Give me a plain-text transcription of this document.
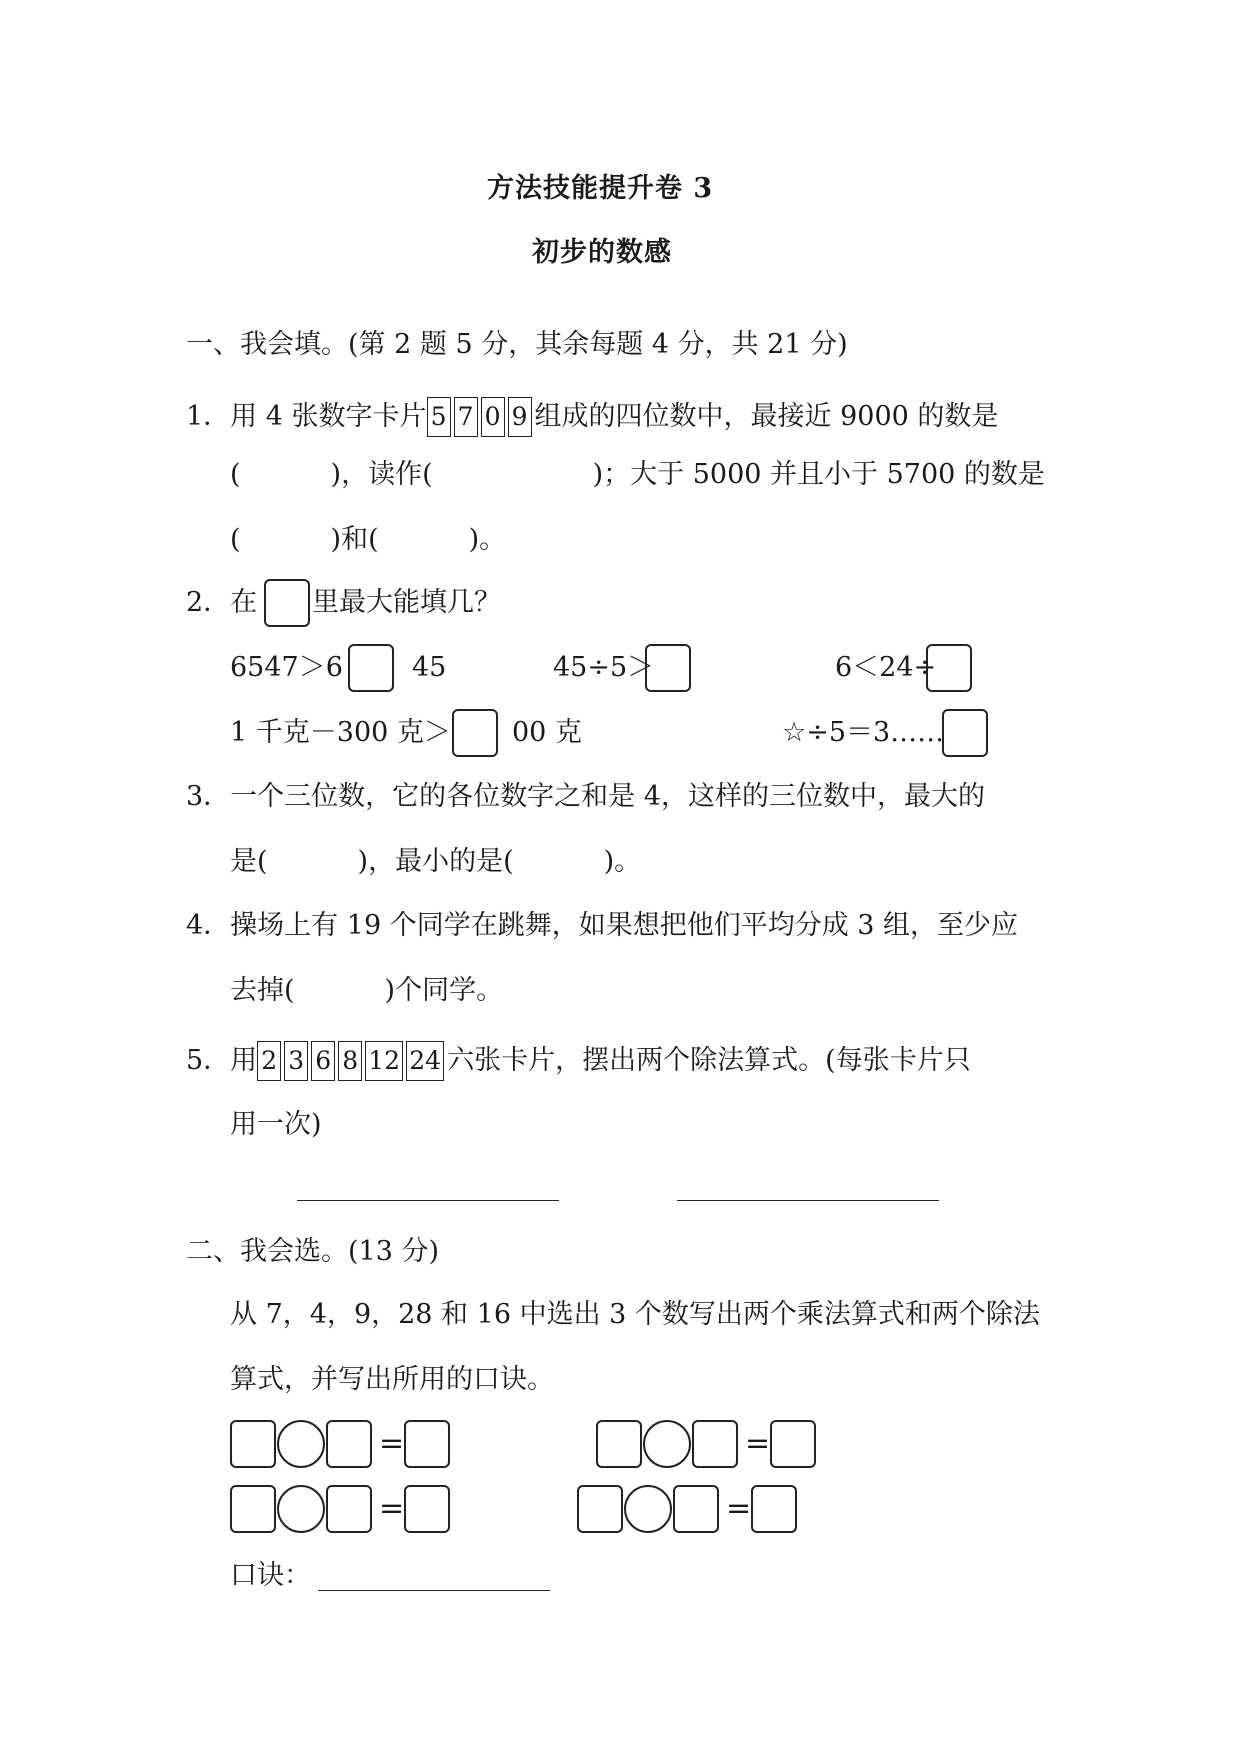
方法技能提升卷 3
初步的数感
一、我会填。(第 2 题 5 分，其余每题 4 分，共 21 分)
1．用 4 张数字卡片 5 7 0 9 组成的四位数中，最接近 9000 的数是
(	)，读作(	)；大于 5000 并且小于 5700 的数是
(	)和(	)。
2．在 里最大能填几？
6547＞6	45	45÷5＞	6＜24÷
1 千克－300 克＞ 00 克	☆÷5＝3……
3．一个三位数，它的各位数字之和是 4，这样的三位数中，最大的
是(	)，最小的是(	)。
4．操场上有 19 个同学在跳舞，如果想把他们平均分成 3 组，至少应
去掉(	)个同学。
5．用 2 3 6 8 12 24 六张卡片，摆出两个除法算式。(每张卡片只
用一次)
二、我会选。(13 分)
从 7，4，9，28 和 16 中选出 3 个数写出两个乘法算式和两个除法
算式，并写出所用的口诀。
=	=
=	=
口诀：
